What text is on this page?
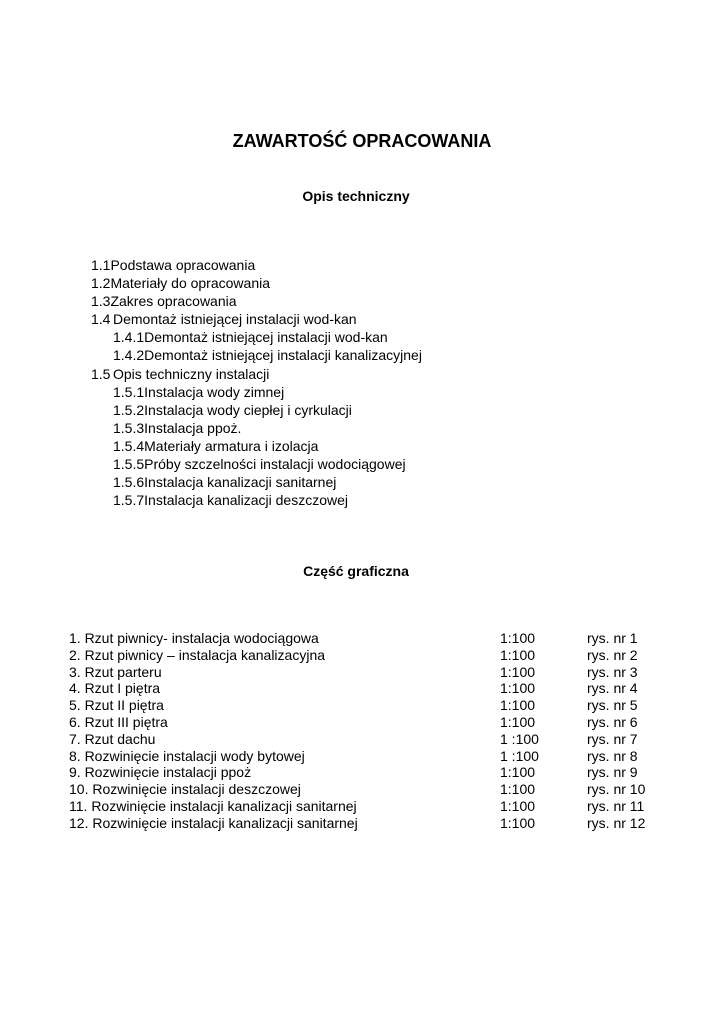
ZAWARTOŚĆ OPRACOWANIA
Opis techniczny
1.1Podstawa opracowania
1.2Materiały do opracowania
1.3Zakres opracowania
1.4 Demontaż istniejącej instalacji wod-kan
1.4.1Demontaż istniejącej instalacji wod-kan
1.4.2Demontaż istniejącej instalacji kanalizacyjnej
1.5 Opis techniczny instalacji
1.5.1Instalacja wody zimnej
1.5.2Instalacja wody ciepłej i cyrkulacji
1.5.3Instalacja ppoż.
1.5.4Materiały armatura i izolacja
1.5.5Próby szczelności instalacji wodociągowej
1.5.6Instalacja kanalizacji sanitarnej
1.5.7Instalacja kanalizacji deszczowej
Część graficzna
1. Rzut piwnicy- instalacja wodociągowa	1:100	rys. nr 1
2. Rzut piwnicy – instalacja kanalizacyjna	1:100	rys. nr 2
3. Rzut parteru	1:100	rys. nr 3
4. Rzut I piętra	1:100	rys. nr 4
5. Rzut II piętra	1:100	rys. nr 5
6. Rzut III piętra	1:100	rys. nr 6
7. Rzut dachu	1 :100	rys. nr 7
8. Rozwinięcie instalacji wody bytowej	1 :100	rys. nr 8
9. Rozwinięcie instalacji ppoż	1:100	rys. nr 9
10. Rozwinięcie instalacji deszczowej	1:100	rys. nr 10
11. Rozwinięcie instalacji kanalizacji sanitarnej	1:100	rys. nr 11
12. Rozwinięcie instalacji kanalizacji sanitarnej	1:100	rys. nr 12
